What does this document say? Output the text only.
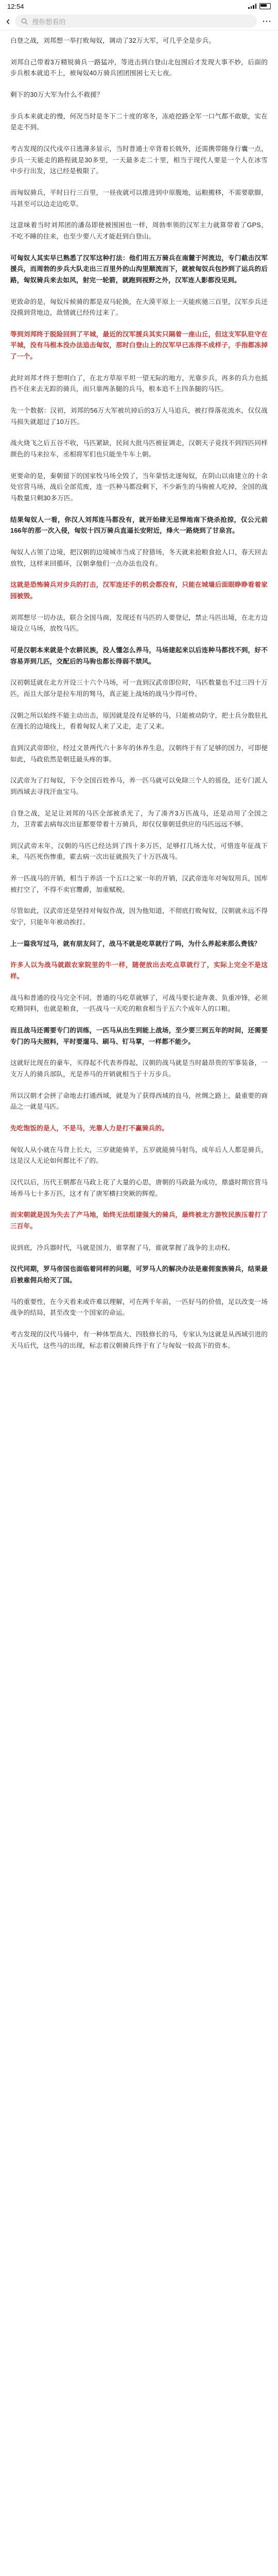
12:54
‹	搜你想看的	⋯

白登之战，刘邦想一举打败匈奴，调动了32万大军，可几乎全是步兵。

刘邦自己带着3万精锐骑兵一路猛冲，等进击到白登山北包围后才发现大事不妙，后面的步兵根本就追不上，被匈奴40万骑兵团团围困七天七夜。

剩下的30万大军为什么不救援？

步兵本来就走的慢，何况当时是冬下二十度的寒冬，冻疮挖路全军一口气都不敢歇，实在是走不到。

考古发现的汉代戍卒日逃薄多显示，当时普通士卒背着长戟外，还需携带随身行囊一点，步兵一天能走的路程就是30多里，一天最多走二十里，相当于现代人要是一个人在冰雪中步行出发，这已经是极限了。

而匈奴骑兵，平时日行三百里，一昼夜就可以推进到中原腹地，运粮搬移，不需要歇脚，马甚至可以边走边吃草。

这意味着当时刘邦团的潘岛即使被围困也一样，周勃率领的汉军主力就算带着了GPS，不吃不睡的往来，也至少要八天才能赶到白登山。

可匈奴人其实早已熟悉了汉军这种打法：他们用五万骑兵在南麓于河流边，专门截击汉军援兵，而周勃的步兵大队走出三百里外的山沟里顺流而下，就被匈奴兵包抄到了运兵的后路，匈奴骑兵来去如风，射完一轮箭，就跑到视野之外，汉军连人影都没见到。

更致命的是，匈奴斥候骑的都是双马轮换，在大漠平原上一天能疾驰三百里，汉军步兵还没摸到营地边，敌情就已经传过来了。

等到刘邦终于脱险回到了平城，最近的汉军援兵其实只隔着一座山丘，但这支军队驻守在平城，没有马根本没办法追击匈奴，那时白登山上的汉军早已冻得不成样子，手指都冻掉了一个。

此时刘邦才终于想明白了，在北方草原平坦一望无际的地方，光靠步兵，再多的兵力也抵挡不住来去无踪的骑兵，而只靠两条腿的兵马，根本追不上四条腿的马匹。

先一个数据：汉初，刘邦的56万大军被坑掉后的3万人马追兵，被打得落花流水，仅仅战马损失就超过了10万匹。

战火烧飞之后五谷不收，马匹紧缺，民间大批马匹被征调走，汉朝天子竟找不到四匹同样颜色的马来拉车，丞相将军们也只能坐牛车上朝。

更要命的是，秦朝留下的国家牧马场全毁了，当年蒙恬北逐匈奴，在阴山以南建立的十余处官营马场，战后全部荒废，连一匹种马都没剩下，不少新生的马驹被人吃掉，全国的战马数量只剩30多万匹。

结果匈奴人一看，你汉人刘邦连马都没有，就开始肆无忌惮地南下烧杀抢掠，仅公元前166年的那一次入侵，匈奴十四万骑兵直逼长安附近，烽火一路烧到了甘泉宫。

匈奴人占领了边境，把汉朝的边境城市当成了狩猎场，冬天就来抢粮食抢人口，春天回去放牧，这样来回循环，汉朝拿他们一点办法也没有。

这就是恐怖骑兵对步兵的打击，汉军连还手的机会都没有，只能在城墙后面眼睁睁看着家园被毁。

刘邦想尽一切办法，联合全国马商，发现还有马匹的人要登记，禁止马匹出境，在北方边境设立马场，放牧马匹。

可是汉朝本来就是个农耕民族，没人懂怎么养马，马场建起来以后连种马都找不到，好不容易弄到几匹，交配后的马驹也都长得弱不禁风。

汉初朝廷就在北方开设三十六个马场，可一直到汉武帝即位时，马匹数量也不过三四十万匹，而且大部分是拉车用的驽马，真正能上战场的战马少得可怜。

汉朝之所以始终不能主动出击，原因就是没有足够的马，只能被动防守，把士兵分散驻扎在漫长的边境线上，看着匈奴人来了又走，走了又来。

直到汉武帝即位，经过文景两代六十多年的休养生息，汉朝终于有了足够的国力，可即便如此，马政依然是朝廷最头疼的事。

汉武帝为了打匈奴，下令全国百姓养马，养一匹马就可以免除三个人的徭役，还专门派人到西域去寻找汗血宝马。

自登之战，足足让刘邦的马匹全部被杀光了，为了凑齐3万匹战马，还是动用了全国之力，卫青霍去病每次出征都要带着十万骑兵，却仅仅靠朝廷供应的马匹远远不够。

到汉武帝末年，汉朝的马匹已经达到了四十多万匹，足够打几场大仗，可惜连年征战下来，马匹死伤惨重，霍去病一次出征就损失了十万匹战马。

养一匹战马的开销，相当于养活一个五口之家一年的开销，汉武帝连年对匈奴用兵，国库被打空了，不得不卖官鬻爵，加重赋税。

尽管如此，汉武帝还是坚持对匈奴作战，因为他知道，不彻底打败匈奴，汉朝就永远不得安宁，只能年年被动挨打。

上一篇我写过马，就有朋友问了，战马不就是吃草就行了吗，为什么养起来那么费钱？

许多人以为战马就跟农家院里的牛一样，随便放出去吃点草就行了，实际上完全不是这样。

战马和普通的役马完全不同，普通的马吃草就够了，可战马要长途奔袭、负重冲锋，必须吃精饲料，也就是粮食，一匹战马一天吃的粮食相当于五六个成年人的口粮。

而且战马还需要专门的训练，一匹马从出生到能上战场，至少要三到五年的时间，还需要专门的马夫照料，平时要遛马、刷马、钉马掌，一样都不能少。

这就好比现在的豪车，买得起不代表养得起，汉朝的战马就是当时最昂贵的军事装备，一支万人的骑兵部队，光是养马的开销就相当于十万步兵。

所以汉朝才会拼了命地去打通西域，就是为了获得西域的良马，丝绸之路上，最重要的商品之一就是马匹。

先吃饱饭的是人，不是马，光靠人力是打不赢骑兵的。

匈奴人从小就在马背上长大，三岁就能骑羊，五岁就能骑马射鸟，成年后人人都是骑兵，这是汉人无论如何都比不了的。

汉代以后，历代王朝都在马政上花了大量的心思，唐朝的马政最为成功，鼎盛时期官营马场养马七十多万匹，这才有了唐军横扫突厥的辉煌。

而宋朝就是因为失去了产马地，始终无法组建强大的骑兵，最终被北方游牧民族压着打了三百年。

说到底，冷兵器时代，马就是国力，谁掌握了马，谁就掌握了战争的主动权。

汉代同期，罗马帝国也面临着同样的问题，可罗马人的解决办法是雇佣蛮族骑兵，结果最后被雇佣兵给灭了国。

马的重要性，在今天看来或许难以理解，可在两千年前，一匹好马的价值，足以改变一场战争的结局，甚至改变一个国家的命运。

考古发现的汉代马俑中，有一种体型高大、四肢修长的马，专家认为这就是从西域引进的天马后代，这些马的出现，标志着汉朝骑兵终于有了与匈奴一较高下的资本。
